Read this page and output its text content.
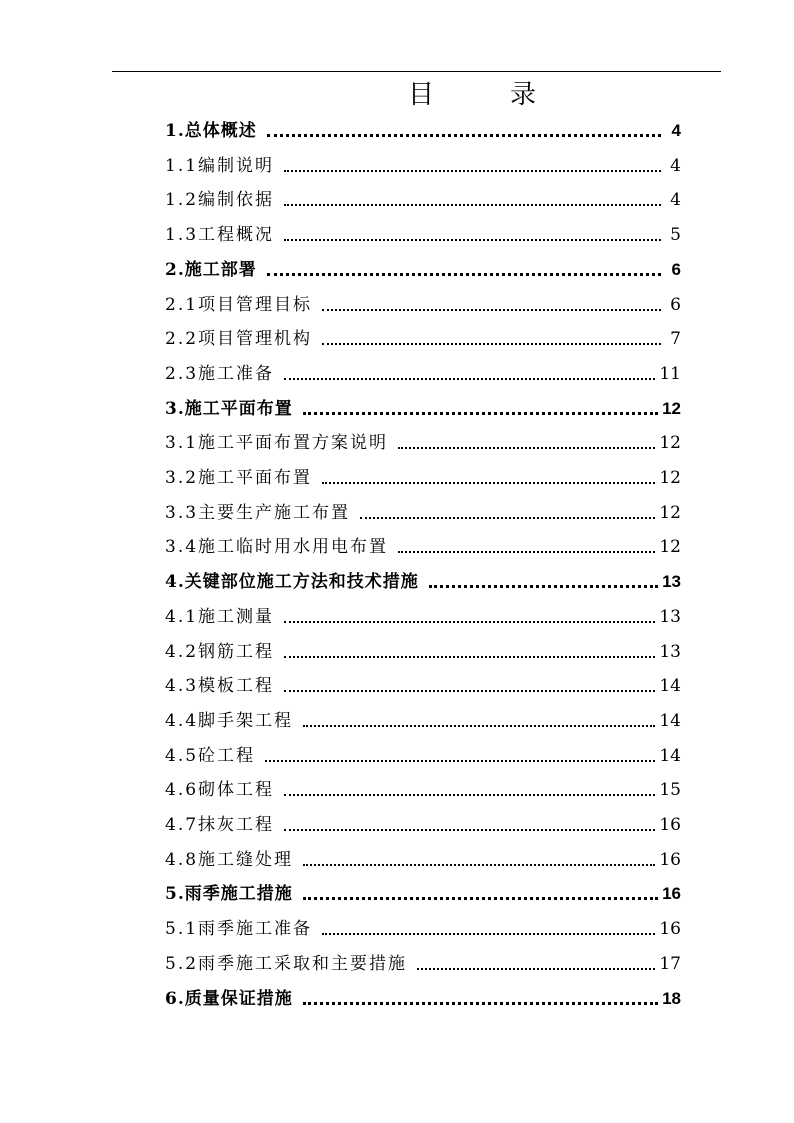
目	录
1.总体概述	4
1.1编制说明	4
1.2编制依据	4
1.3工程概况	5
2.施工部署	6
2.1项目管理目标	6
2.2项目管理机构	7
2.3施工准备	11
3.施工平面布置	12
3.1施工平面布置方案说明	12
3.2施工平面布置	12
3.3主要生产施工布置	12
3.4施工临时用水用电布置	12
4.关键部位施工方法和技术措施	13
4.1施工测量	13
4.2钢筋工程	13
4.3模板工程	14
4.4脚手架工程	14
4.5砼工程	14
4.6砌体工程	15
4.7抹灰工程	16
4.8施工缝处理	16
5.雨季施工措施	16
5.1雨季施工准备	16
5.2雨季施工采取和主要措施	17
6.质量保证措施	18
